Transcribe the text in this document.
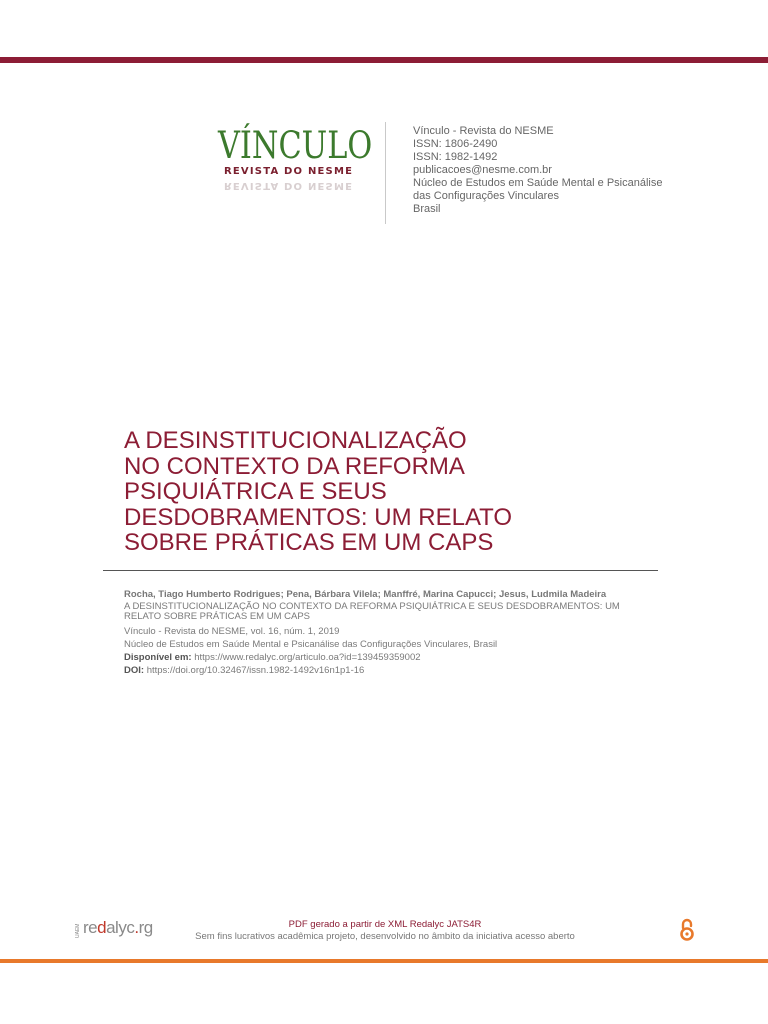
VÍNCULO
REVISTA DO NESME
REVISTA DO NESME
Vínculo - Revista do NESME
ISSN: 1806-2490
ISSN: 1982-1492
publicacoes@nesme.com.br
Núcleo de Estudos em Saúde Mental e Psicanálise
das Configurações Vinculares
Brasil
A DESINSTITUCIONALIZAÇÃO
NO CONTEXTO DA REFORMA
PSIQUIÁTRICA E SEUS
DESDOBRAMENTOS: UM RELATO
SOBRE PRÁTICAS EM UM CAPS
Rocha, Tiago Humberto Rodrigues; Pena, Bárbara Vilela; Manffré, Marina Capucci; Jesus, Ludmila Madeira
A DESINSTITUCIONALIZAÇÃO NO CONTEXTO DA REFORMA PSIQUIÁTRICA E SEUS DESDOBRAMENTOS: UM RELATO SOBRE PRÁTICAS EM UM CAPS
Vínculo - Revista do NESME, vol. 16, núm. 1, 2019
Núcleo de Estudos em Saúde Mental e Psicanálise das Configurações Vinculares, Brasil
Disponível em: https://www.redalyc.org/articulo.oa?id=139459359002
DOI: https://doi.org/10.32467/issn.1982-1492v16n1p1-16
UAEM redalyc.rg	PDF gerado a partir de XML Redalyc JATS4R
Sem fins lucrativos acadêmica projeto, desenvolvido no âmbito da iniciativa acesso aberto
